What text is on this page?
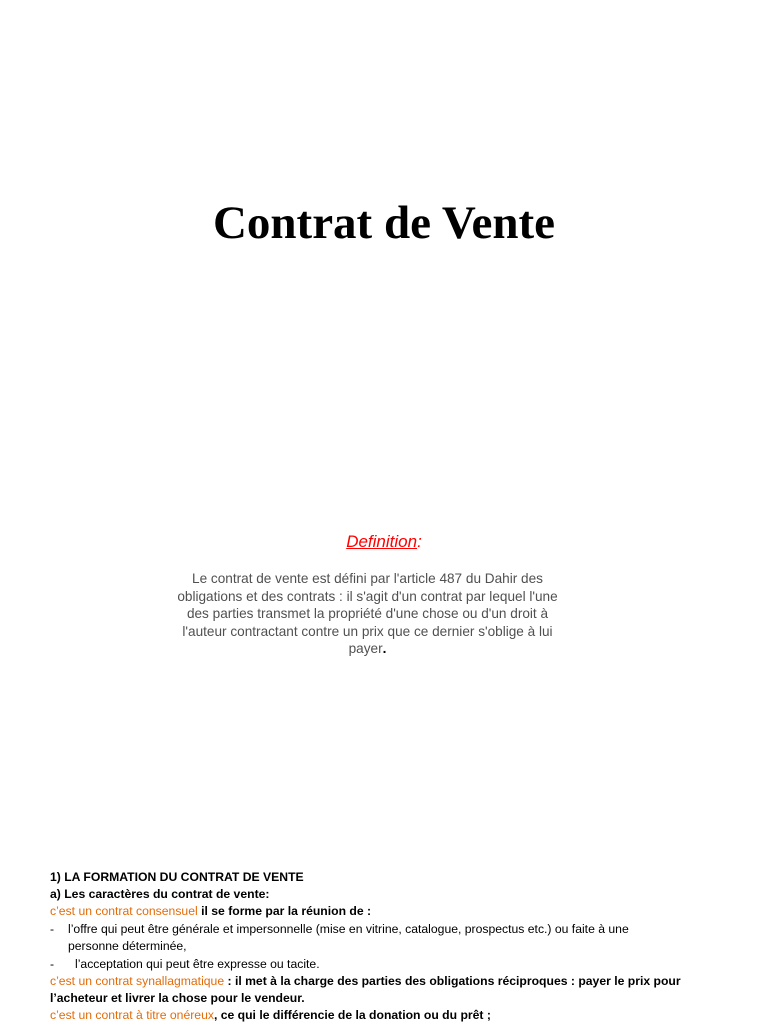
Contrat de Vente

Definition:

Le contrat de vente est défini par l'article 487 du Dahir des
obligations et des contrats : il s'agit d'un contrat par lequel l'une
des parties transmet la propriété d'une chose ou d'un droit à
l'auteur contractant contre un prix que ce dernier s'oblige à lui
payer.

1) LA FORMATION DU CONTRAT DE VENTE

a) Les caractères du contrat de vente:

c’est un contrat consensuel il se forme par la réunion de :

- l’offre qui peut être générale et impersonnelle (mise en vitrine, catalogue, prospectus etc.) ou faite à une

personne déterminée,

- l’acceptation qui peut être expresse ou tacite.

c’est un contrat synallagmatique : il met à la charge des parties des obligations réciproques : payer le prix pour

l’acheteur et livrer la chose pour le vendeur.

c’est un contrat à titre onéreux, ce qui le différencie de la donation ou du prêt ;
